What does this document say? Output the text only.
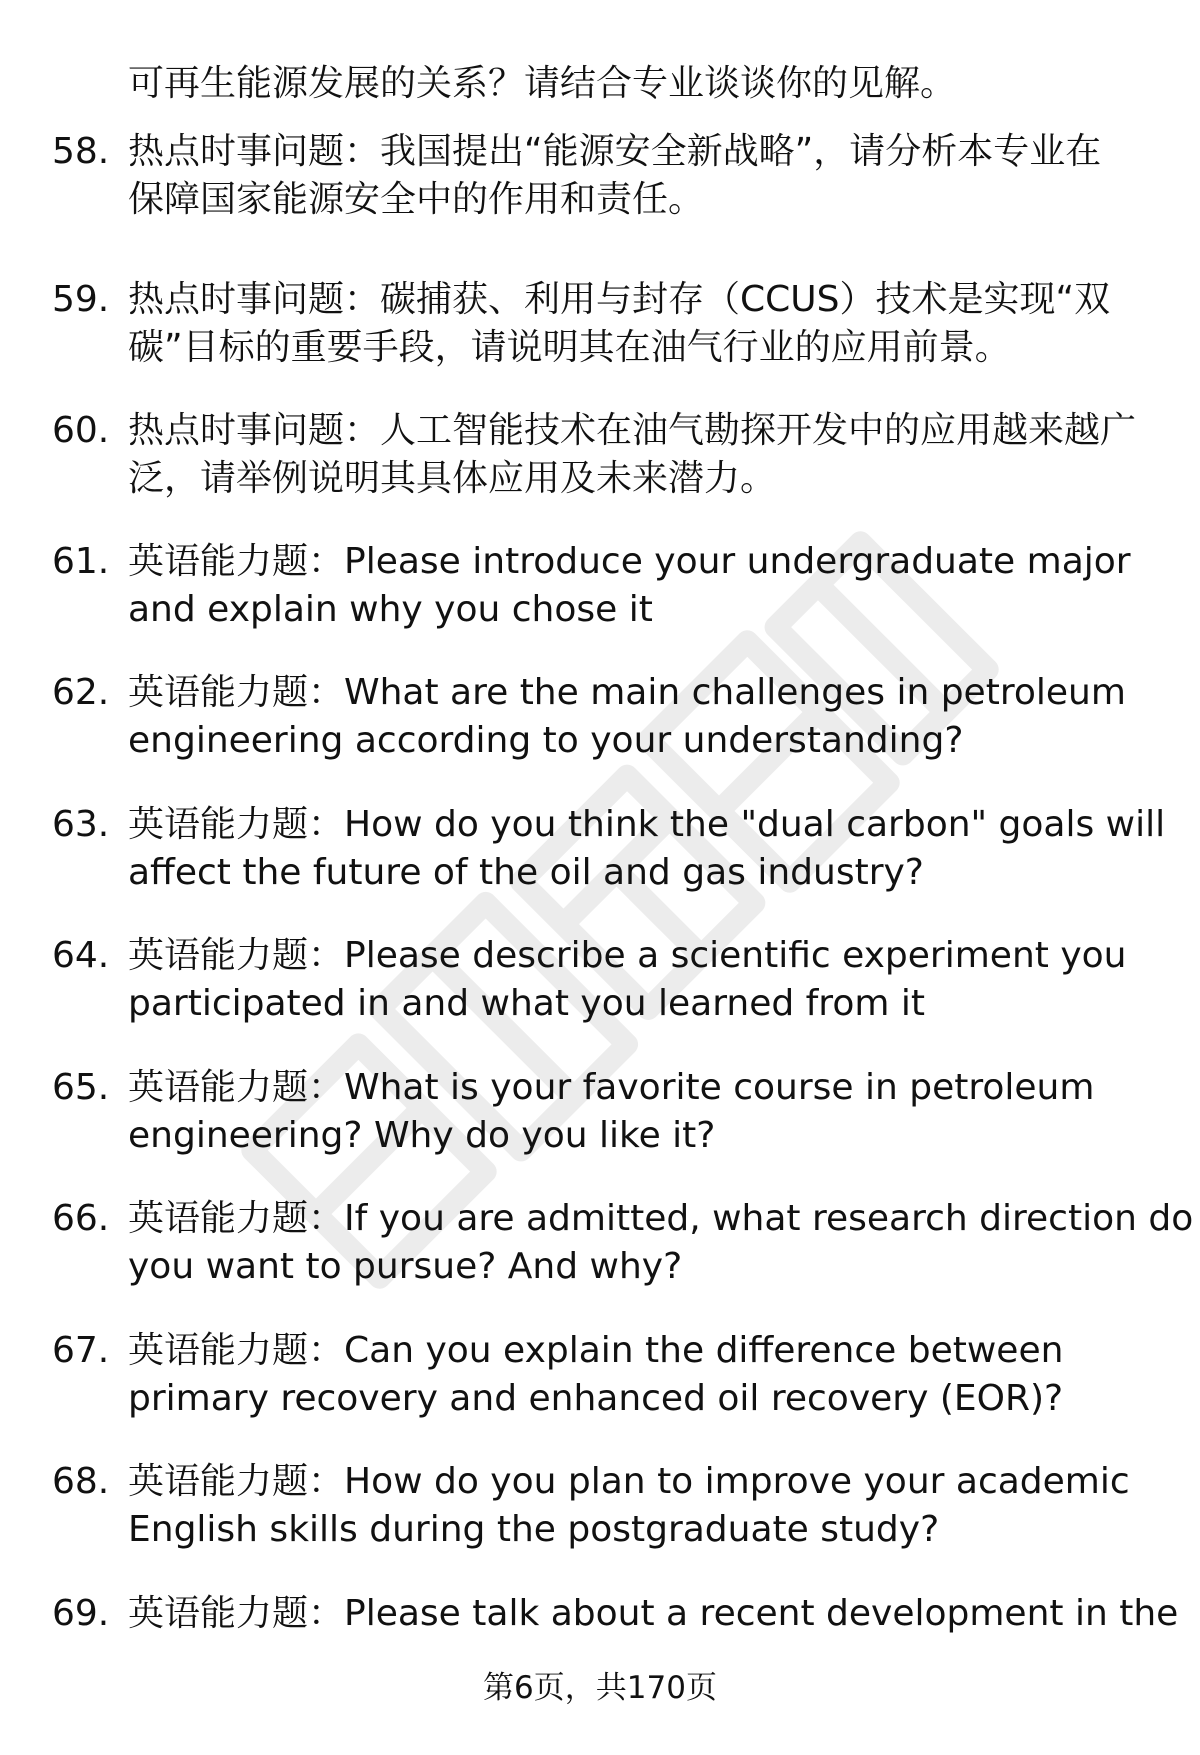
可再生能源发展的关系？请结合专业谈谈你的见解。
58. 热点时事问题：我国提出“能源安全新战略”，请分析本专业在
保障国家能源安全中的作用和责任。
59. 热点时事问题：碳捕获、利用与封存（CCUS）技术是实现“双
碳”目标的重要手段，请说明其在油气行业的应用前景。
60. 热点时事问题：人工智能技术在油气勘探开发中的应用越来越广
泛，请举例说明其具体应用及未来潜力。
61. 英语能力题：Please introduce your undergraduate major
and explain why you chose it
62. 英语能力题：What are the main challenges in petroleum
engineering according to your understanding?
63. 英语能力题：How do you think the "dual carbon" goals will
affect the future of the oil and gas industry?
64. 英语能力题：Please describe a scientific experiment you
participated in and what you learned from it
65. 英语能力题：What is your favorite course in petroleum
engineering? Why do you like it?
66. 英语能力题：If you are admitted, what research direction do
you want to pursue? And why?
67. 英语能力题：Can you explain the difference between
primary recovery and enhanced oil recovery (EOR)?
68. 英语能力题：How do you plan to improve your academic
English skills during the postgraduate study?
69. 英语能力题：Please talk about a recent development in the
第6页，共170页
